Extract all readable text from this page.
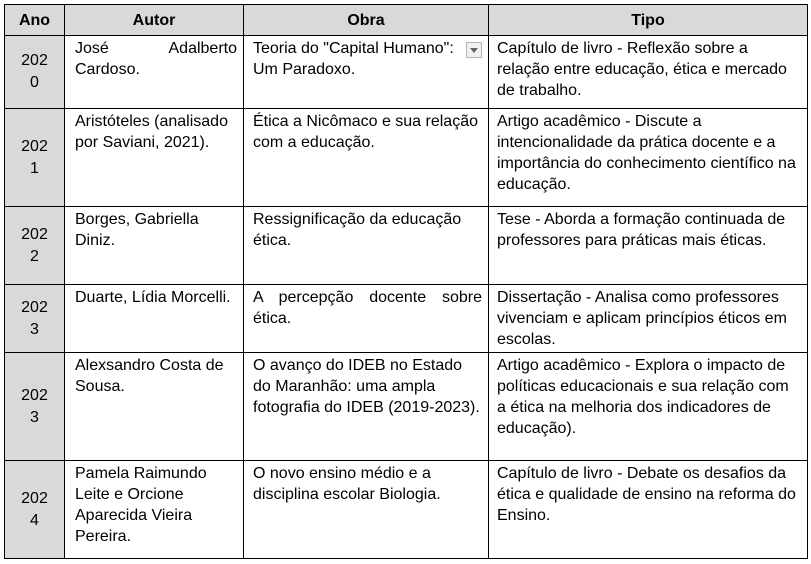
Ano	Autor	Obra	Tipo

2020	José Adalberto Cardoso.	Teoria do "Capital Humano": Um Paradoxo.	Capítulo de livro - Reflexão sobre a relação entre educação, ética e mercado de trabalho.

2021	Aristóteles (analisado por Saviani, 2021).	Ética a Nicômaco e sua relação com a educação.	Artigo acadêmico - Discute a intencionalidade da prática docente e a importância do conhecimento científico na educação.

2022	Borges, Gabriella Diniz.	Ressignificação da educação ética.	Tese - Aborda a formação continuada de professores para práticas mais éticas.

2023	Duarte, Lídia Morcelli.	A percepção docente sobre ética.	Dissertação - Analisa como professores vivenciam e aplicam princípios éticos em escolas.

2023	Alexsandro Costa de Sousa.	O avanço do IDEB no Estado do Maranhão: uma ampla fotografia do IDEB (2019-2023).	Artigo acadêmico - Explora o impacto de políticas educacionais e sua relação com a ética na melhoria dos indicadores de educação).

2024	Pamela Raimundo Leite e Orcione Aparecida Vieira Pereira.	O novo ensino médio e a disciplina escolar Biologia.	Capítulo de livro - Debate os desafios da ética e qualidade de ensino na reforma do Ensino.
